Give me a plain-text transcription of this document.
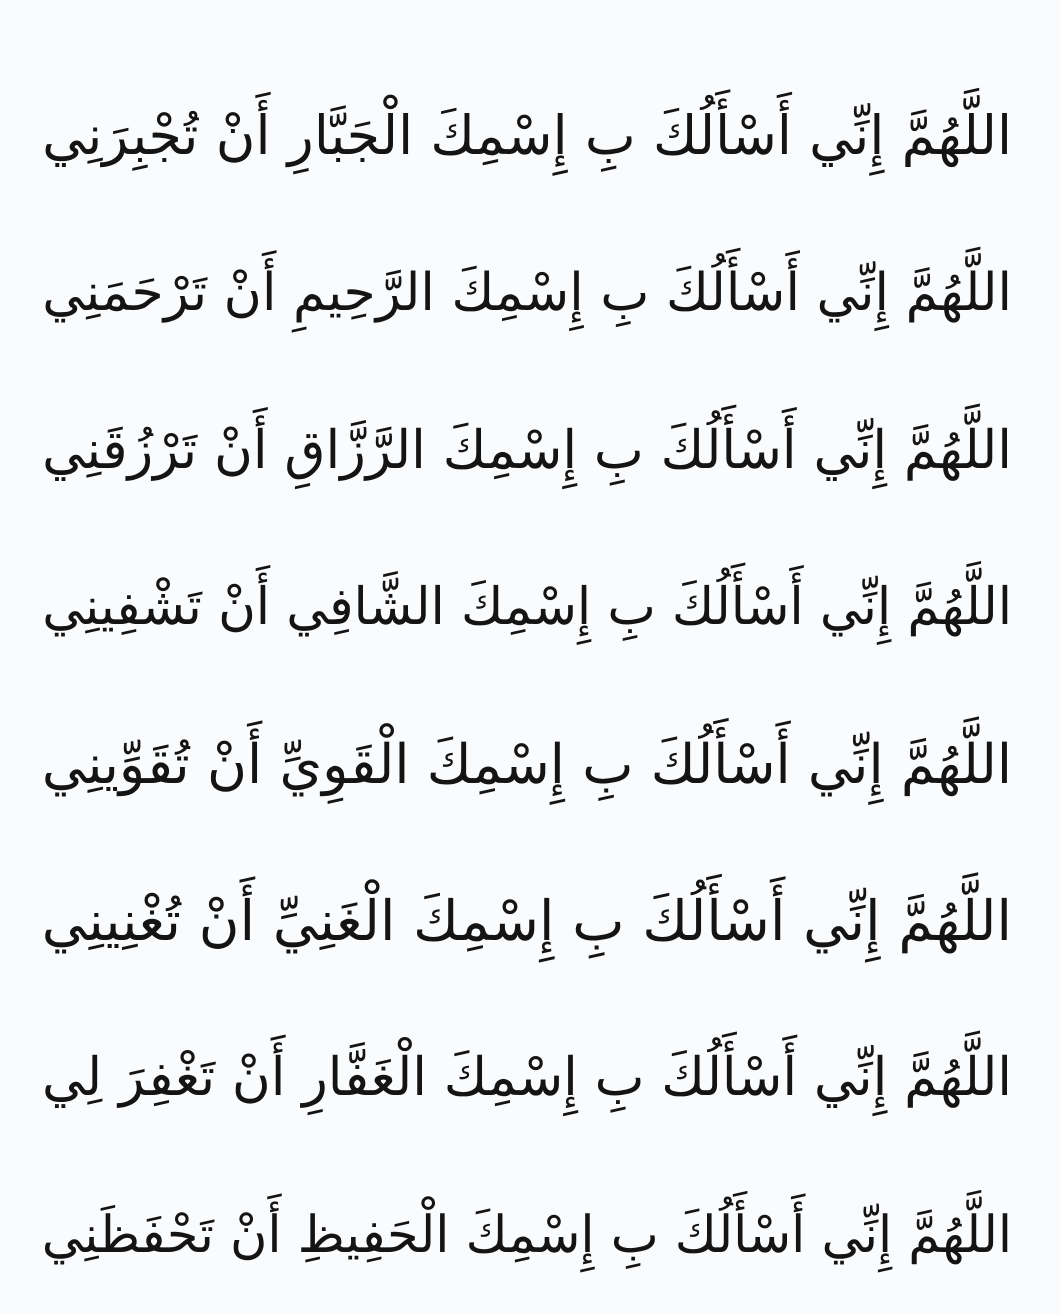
اللَّهُمَّ إِنِّي أَسْأَلُكَ بِ إِسْمِكَ الْجَبَّارِ أَنْ تُجْبِرَنِي
اللَّهُمَّ إِنِّي أَسْأَلُكَ بِ إِسْمِكَ الرَّحِيمِ أَنْ تَرْحَمَنِي
اللَّهُمَّ إِنِّي أَسْأَلُكَ بِ إِسْمِكَ الرَّزَّاقِ أَنْ تَرْزُقَنِي
اللَّهُمَّ إِنِّي أَسْأَلُكَ بِ إِسْمِكَ الشَّافِي أَنْ تَشْفِينِي
اللَّهُمَّ إِنِّي أَسْأَلُكَ بِ إِسْمِكَ الْقَوِيِّ أَنْ تُقَوِّينِي
اللَّهُمَّ إِنِّي أَسْأَلُكَ بِ إِسْمِكَ الْغَنِيِّ أَنْ تُغْنِينِي
اللَّهُمَّ إِنِّي أَسْأَلُكَ بِ إِسْمِكَ الْغَفَّارِ أَنْ تَغْفِرَ لِي
اللَّهُمَّ إِنِّي أَسْأَلُكَ بِ إِسْمِكَ الْحَفِيظِ أَنْ تَحْفَظَنِي
